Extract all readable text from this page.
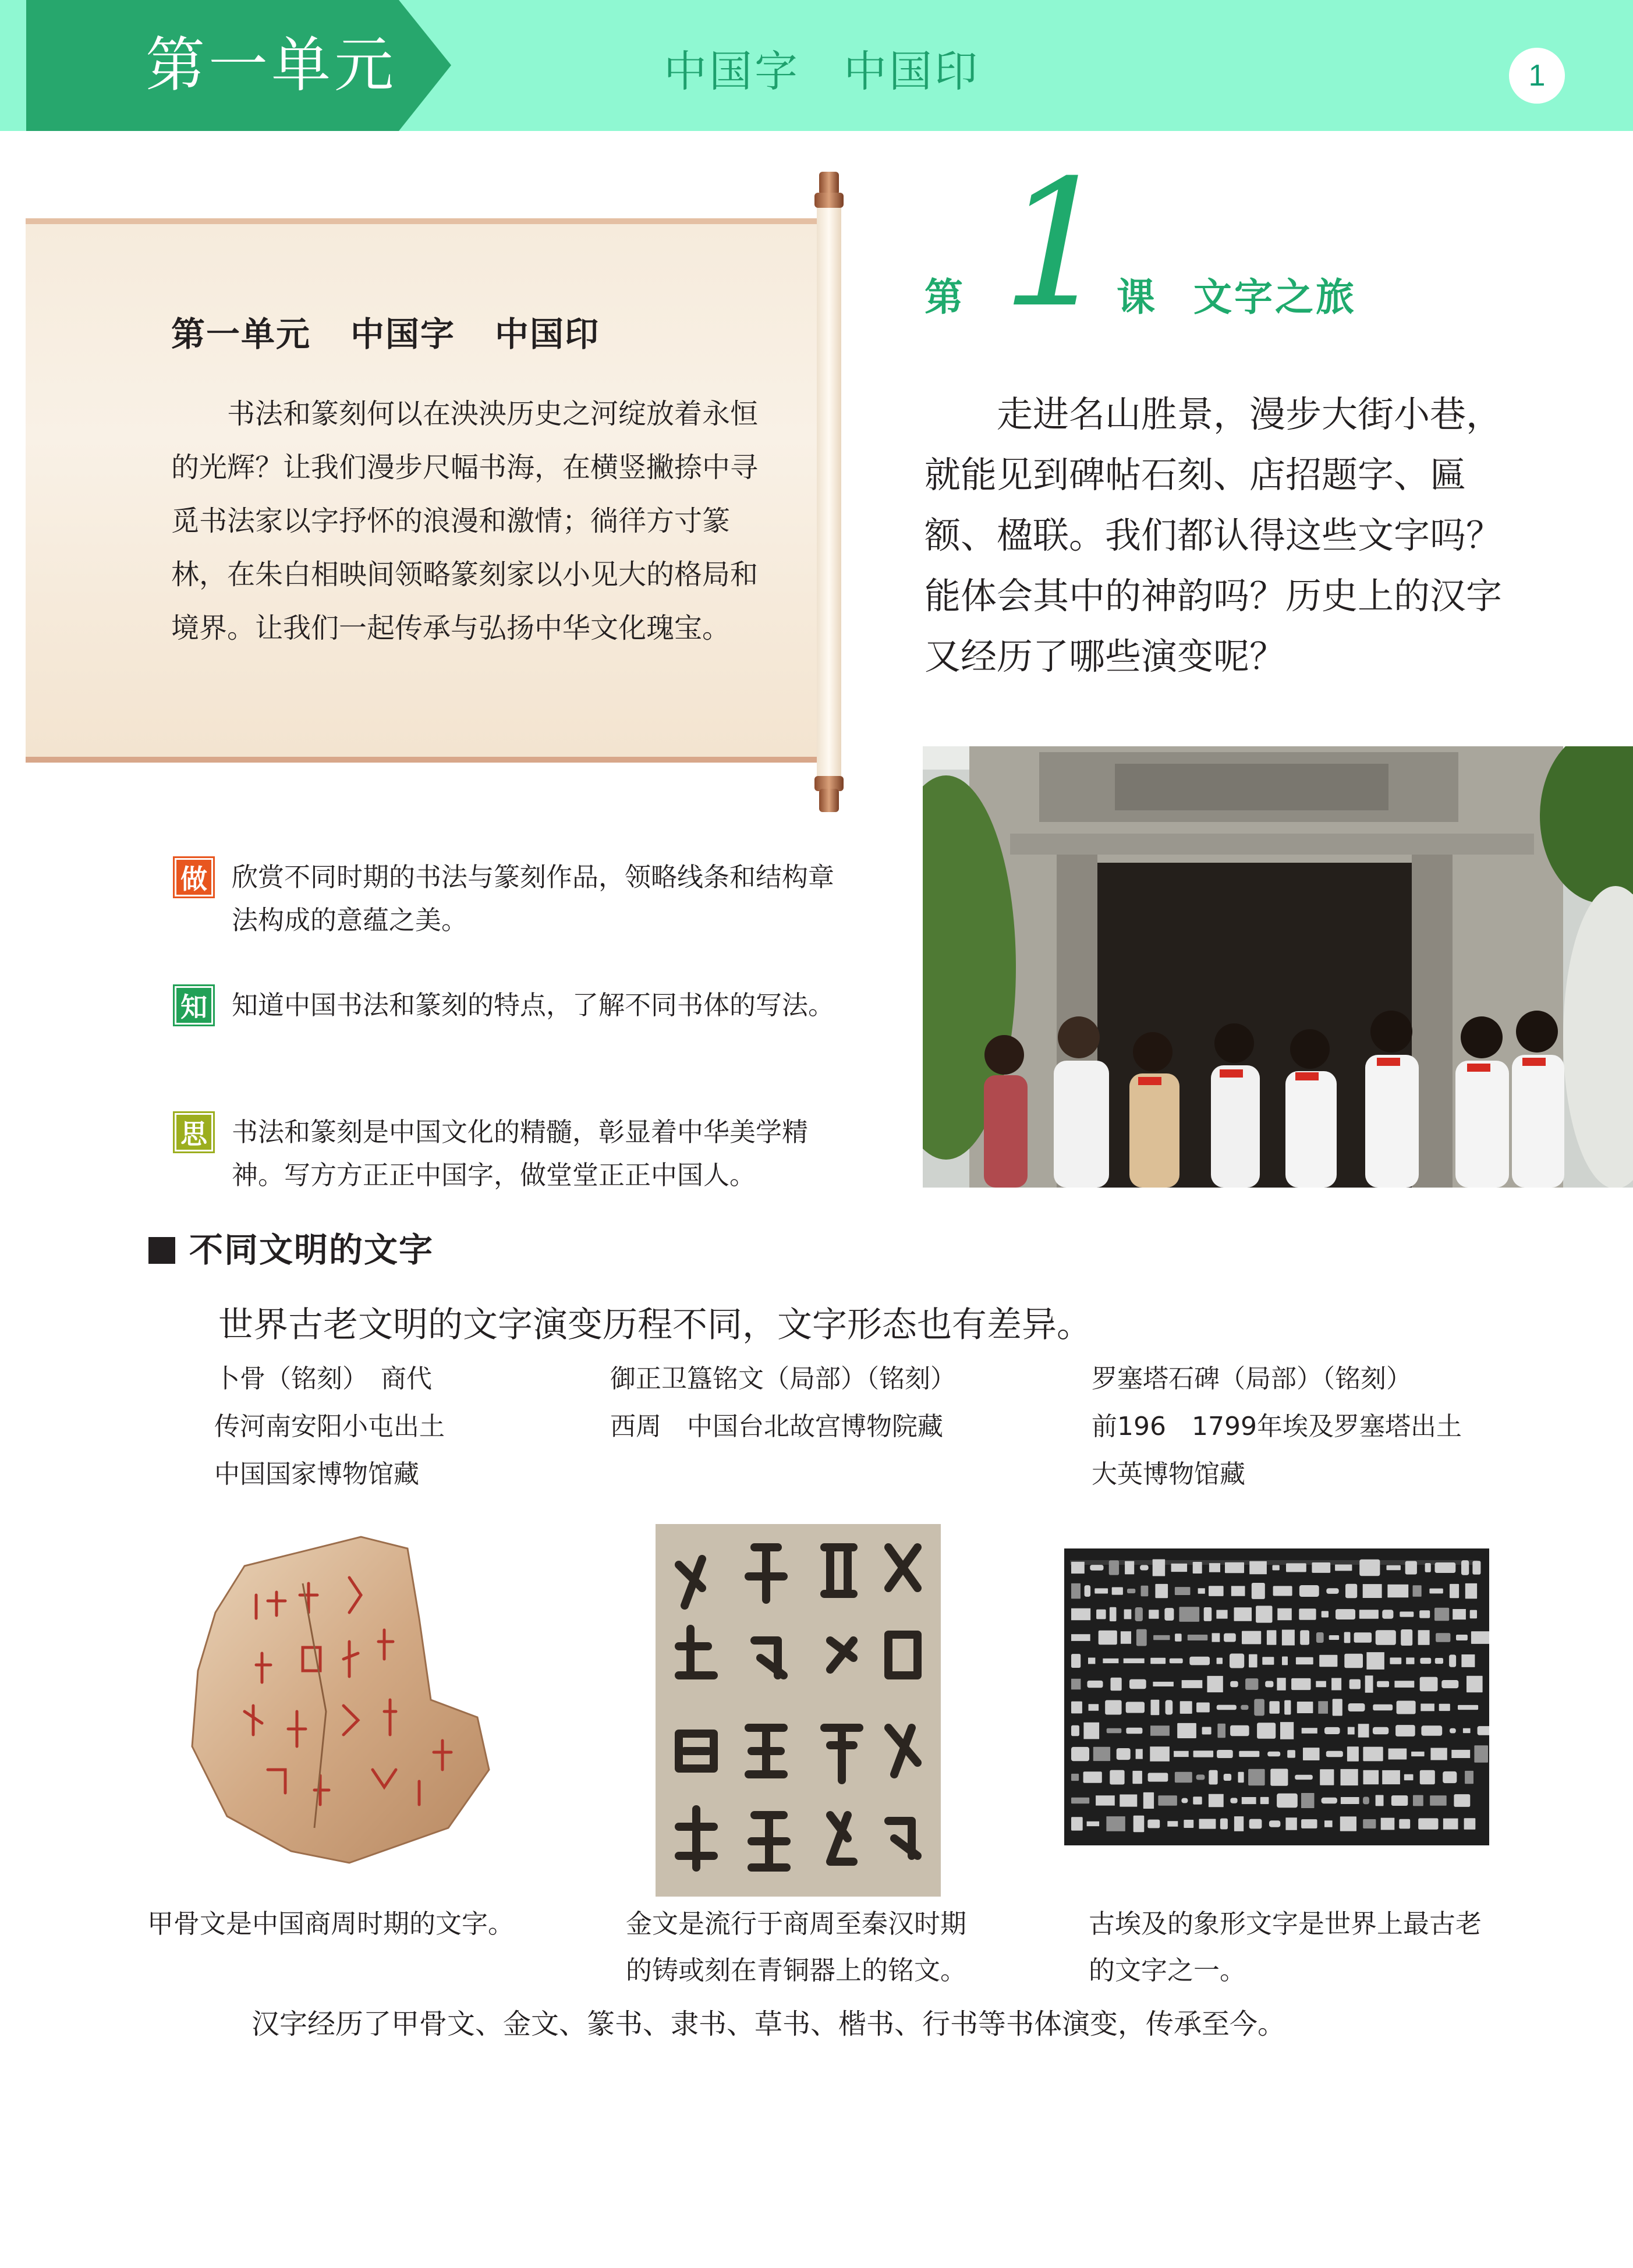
第一单元	中国字 中国印	1
第一单元 中国字 中国印
书法和篆刻何以在泱泱历史之河绽放着永恒的光辉？让我们漫步尺幅书海，在横竖撇捺中寻觅书法家以字抒怀的浪漫和激情；徜徉方寸篆林，在朱白相映间领略篆刻家以小见大的格局和境界。让我们一起传承与弘扬中华文化瑰宝。
做 欣赏不同时期的书法与篆刻作品，领略线条和结构章法构成的意蕴之美。
知 知道中国书法和篆刻的特点，了解不同书体的写法。
思 书法和篆刻是中国文化的精髓，彰显着中华美学精神。写方方正正中国字，做堂堂正正中国人。
第 1 课 文字之旅
走进名山胜景，漫步大街小巷，就能见到碑帖石刻、店招题字、匾额、楹联。我们都认得这些文字吗？能体会其中的神韵吗？历史上的汉字又经历了哪些演变呢？
不同文明的文字
世界古老文明的文字演变历程不同，文字形态也有差异。
卜骨（铭刻）　商代
传河南安阳小屯出土
中国国家博物馆藏
御正卫簋铭文（局部）（铭刻）
西周　中国台北故宫博物院藏
罗塞塔石碑（局部）（铭刻）
前196　1799年埃及罗塞塔出土
大英博物馆藏
甲骨文是中国商周时期的文字。	金文是流行于商周至秦汉时期的铸或刻在青铜器上的铭文。
古埃及的象形文字是世界上最古老的文字之一。
汉字经历了甲骨文、金文、篆书、隶书、草书、楷书、行书等书体演变，传承至今。
